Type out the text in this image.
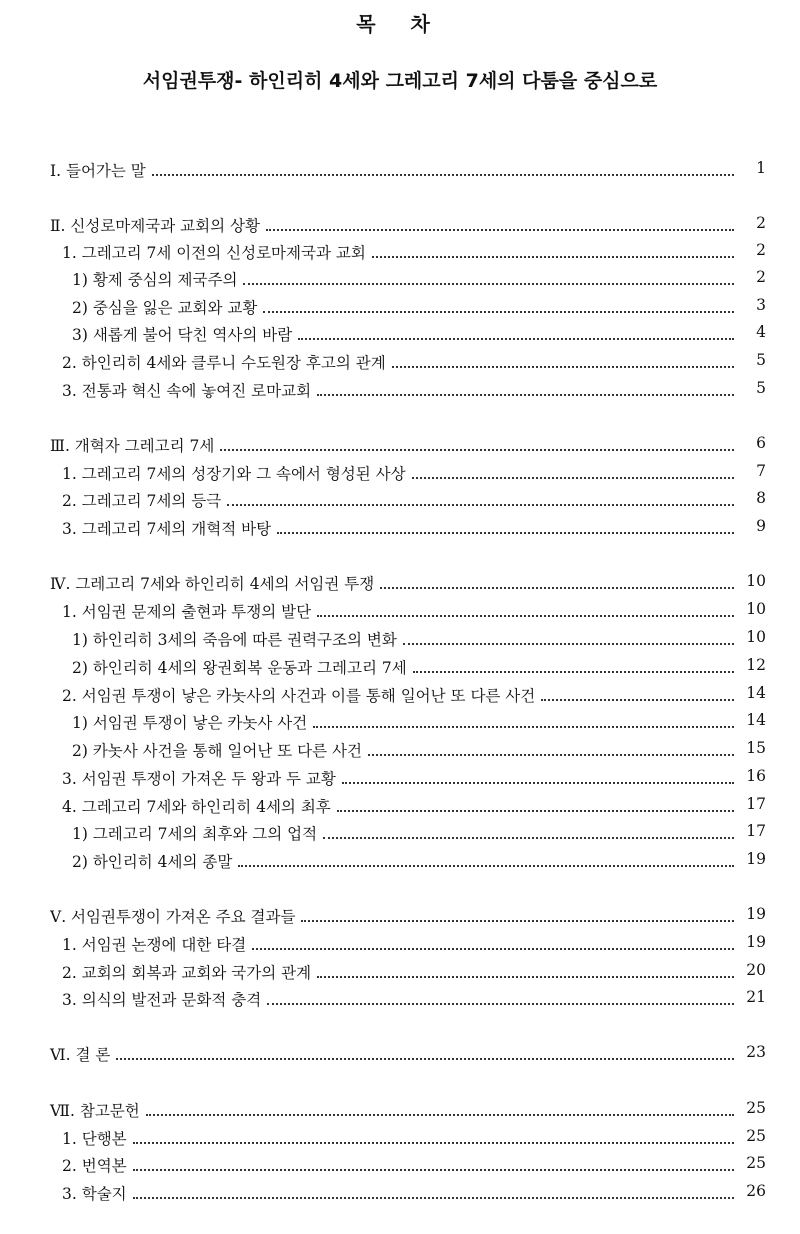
목 차
서임권투쟁- 하인리히 4세와 그레고리 7세의 다툼을 중심으로
Ⅰ. 들어가는 말	1
Ⅱ. 신성로마제국과 교회의 상황	2
1. 그레고리 7세 이전의 신성로마제국과 교회	2
1) 황제 중심의 제국주의	2
2) 중심을 잃은 교회와 교황	3
3) 새롭게 불어 닥친 역사의 바람	4
2. 하인리히 4세와 클루니 수도원장 후고의 관계	5
3. 전통과 혁신 속에 놓여진 로마교회	5
Ⅲ. 개혁자 그레고리 7세	6
1. 그레고리 7세의 성장기와 그 속에서 형성된 사상	7
2. 그레고리 7세의 등극	8
3. 그레고리 7세의 개혁적 바탕	9
Ⅳ. 그레고리 7세와 하인리히 4세의 서임권 투쟁	10
1. 서임권 문제의 출현과 투쟁의 발단	10
1) 하인리히 3세의 죽음에 따른 권력구조의 변화	10
2) 하인리히 4세의 왕권회복 운동과 그레고리 7세	12
2. 서임권 투쟁이 낳은 카놋사의 사건과 이를 통해 일어난 또 다른 사건	14
1) 서임권 투쟁이 낳은 카놋사 사건	14
2) 카놋사 사건을 통해 일어난 또 다른 사건	15
3. 서임권 투쟁이 가져온 두 왕과 두 교황	16
4. 그레고리 7세와 하인리히 4세의 최후	17
1) 그레고리 7세의 최후와 그의 업적	17
2) 하인리히 4세의 종말	19
Ⅴ. 서임권투쟁이 가져온 주요 결과들	19
1. 서임권 논쟁에 대한 타결	19
2. 교회의 회복과 교회와 국가의 관계	20
3. 의식의 발전과 문화적 충격	21
Ⅵ. 결 론	23
Ⅶ. 참고문헌	25
1. 단행본	25
2. 번역본	25
3. 학술지	26
